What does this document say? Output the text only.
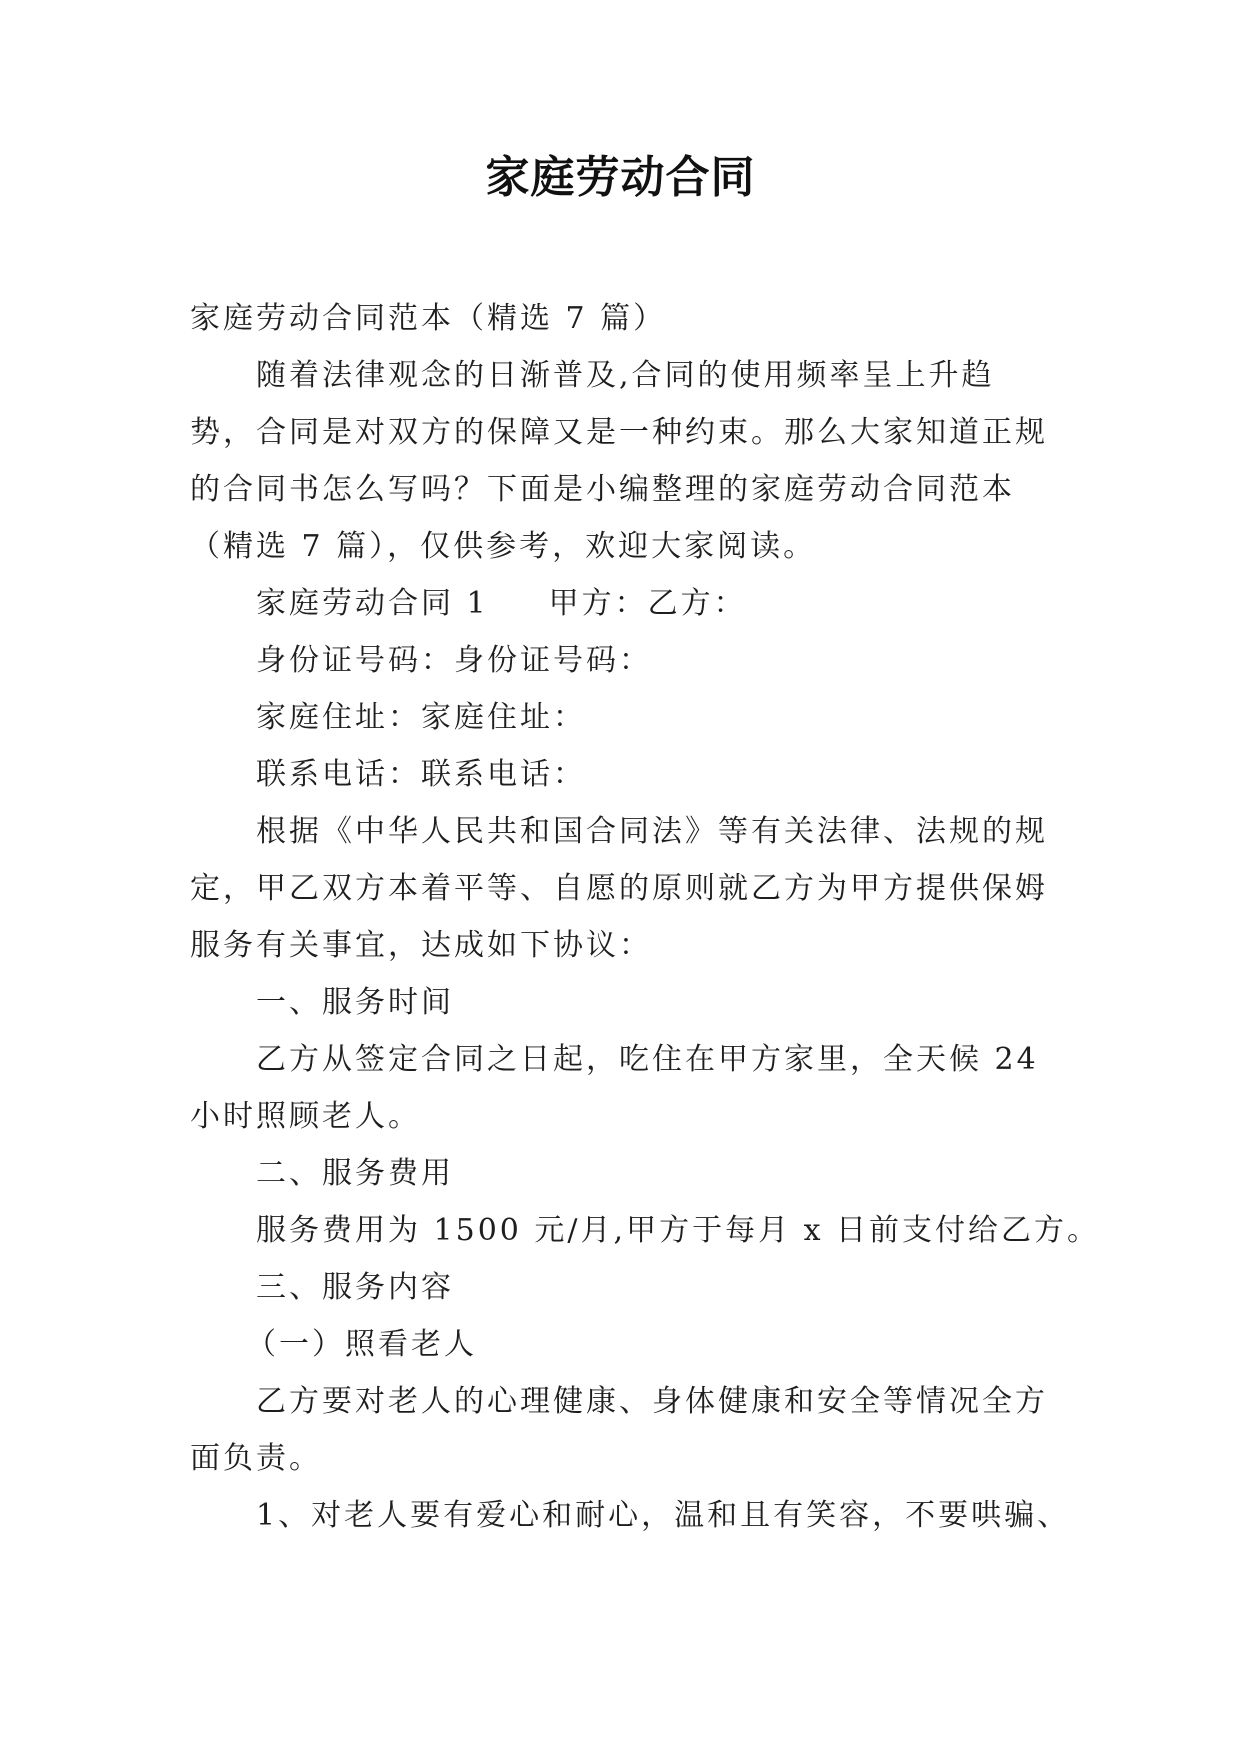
家庭劳动合同

家庭劳动合同范本（精选 7 篇）

随着法律观念的日渐普及,合同的使用频率呈上升趋势，合同是对双方的保障又是一种约束。那么大家知道正规的合同书怎么写吗？下面是小编整理的家庭劳动合同范本（精选 7 篇），仅供参考，欢迎大家阅读。

家庭劳动合同 1 甲方：乙方：

身份证号码：身份证号码：

家庭住址：家庭住址：

联系电话：联系电话：

根据《中华人民共和国合同法》等有关法律、法规的规定，甲乙双方本着平等、自愿的原则就乙方为甲方提供保姆服务有关事宜，达成如下协议：

一、服务时间

乙方从签定合同之日起，吃住在甲方家里，全天候 24 小时照顾老人。

二、服务费用

服务费用为 1500 元/月,甲方于每月 x 日前支付给乙方。

三、服务内容

（一）照看老人

乙方要对老人的心理健康、身体健康和安全等情况全方面负责。

1、对老人要有爱心和耐心，温和且有笑容，不要哄骗、
